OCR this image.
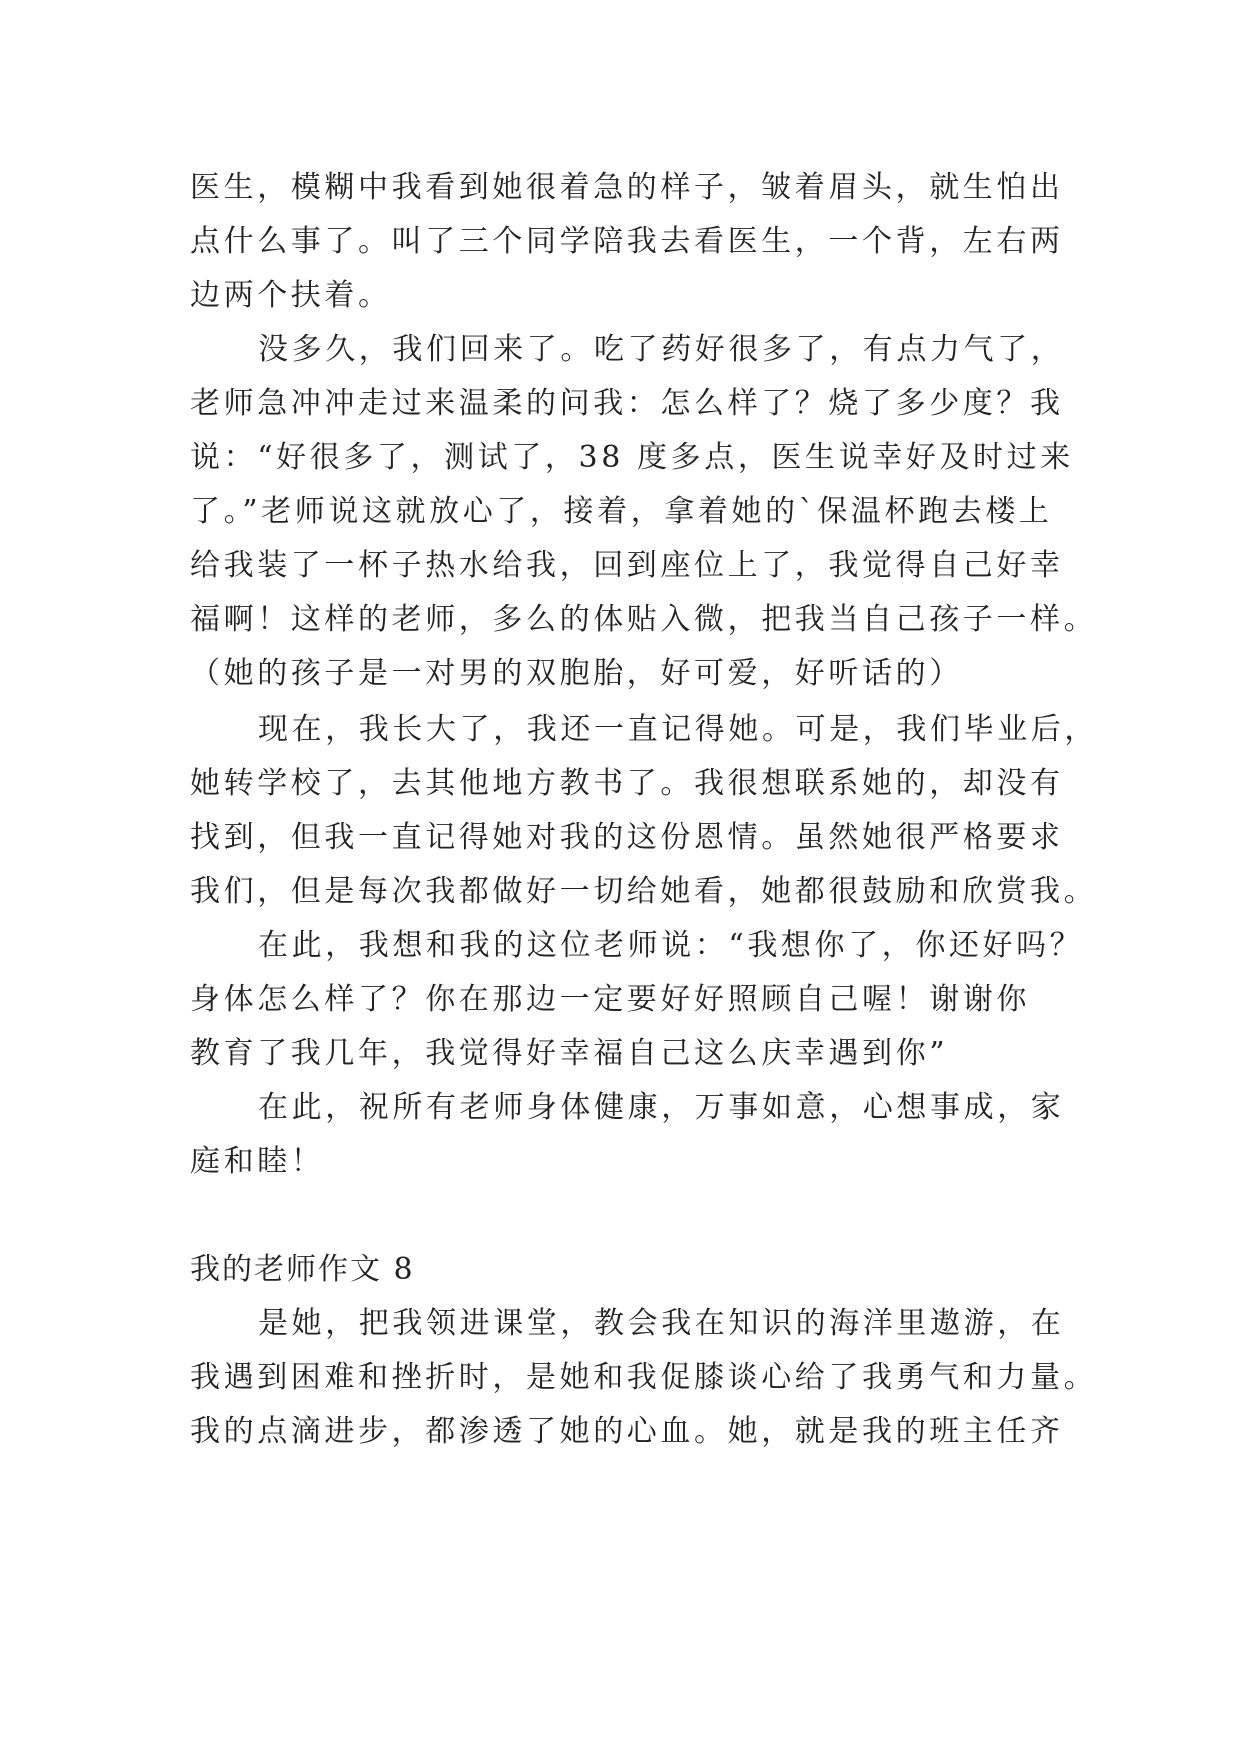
医生，模糊中我看到她很着急的样子，皱着眉头，就生怕出
点什么事了。叫了三个同学陪我去看医生，一个背，左右两
边两个扶着。
没多久，我们回来了。吃了药好很多了，有点力气了，
老师急冲冲走过来温柔的问我：怎么样了？烧了多少度？我
说：“好很多了，测试了，38 度多点，医生说幸好及时过来
了。”老师说这就放心了，接着，拿着她的`保温杯跑去楼上
给我装了一杯子热水给我，回到座位上了，我觉得自己好幸
福啊！这样的老师，多么的体贴入微，把我当自己孩子一样。
（她的孩子是一对男的双胞胎，好可爱，好听话的）
现在，我长大了，我还一直记得她。可是，我们毕业后，
她转学校了，去其他地方教书了。我很想联系她的，却没有
找到，但我一直记得她对我的这份恩情。虽然她很严格要求
我们，但是每次我都做好一切给她看，她都很鼓励和欣赏我。
在此，我想和我的这位老师说：“我想你了，你还好吗？
身体怎么样了？你在那边一定要好好照顾自己喔！谢谢你
教育了我几年，我觉得好幸福自己这么庆幸遇到你”
在此，祝所有老师身体健康，万事如意，心想事成，家
庭和睦！
我的老师作文 8
是她，把我领进课堂，教会我在知识的海洋里遨游，在
我遇到困难和挫折时，是她和我促膝谈心给了我勇气和力量。
我的点滴进步，都渗透了她的心血。她，就是我的班主任齐
